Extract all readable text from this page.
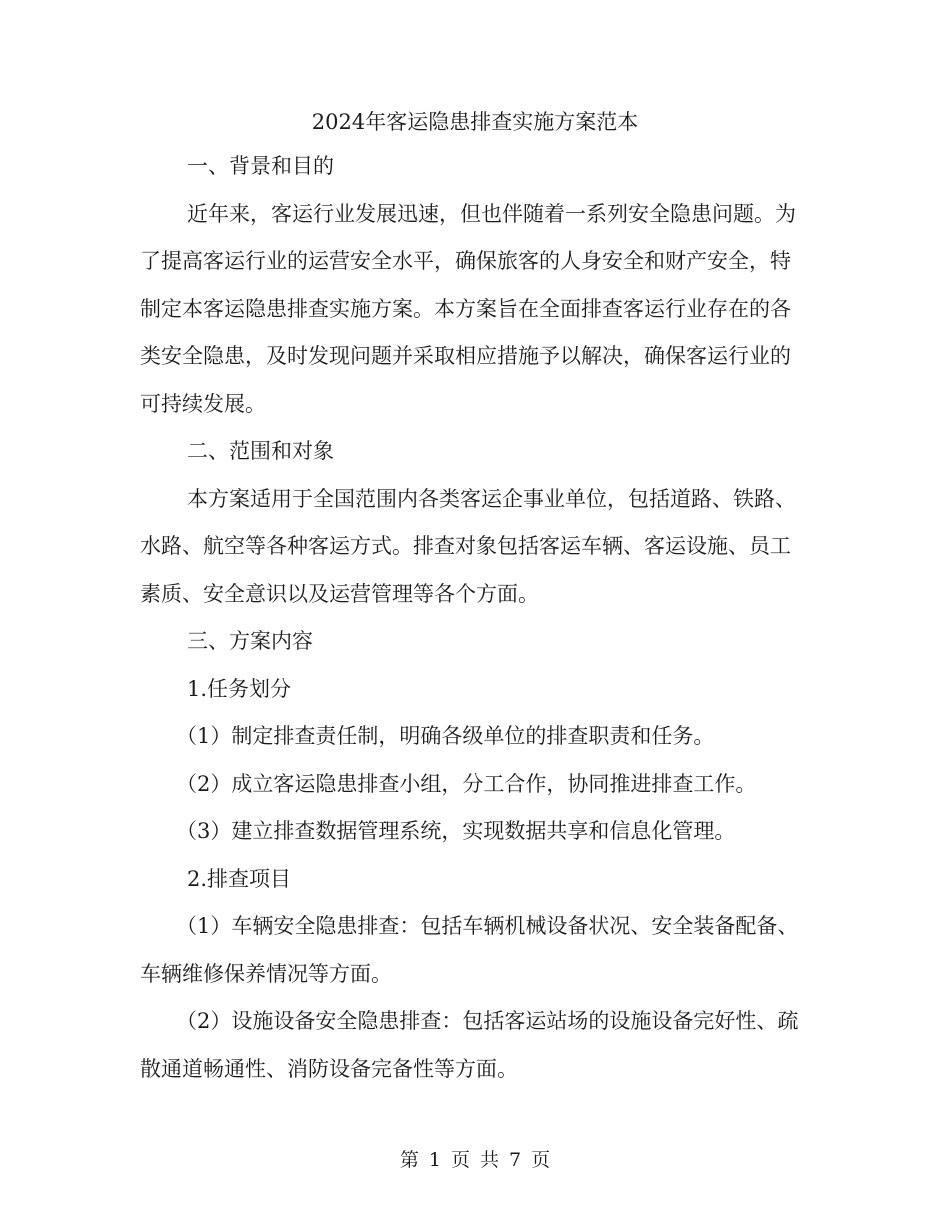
2024年客运隐患排查实施方案范本

一、背景和目的

近年来，客运行业发展迅速，但也伴随着一系列安全隐患问题。为了提高客运行业的运营安全水平，确保旅客的人身安全和财产安全，特制定本客运隐患排查实施方案。本方案旨在全面排查客运行业存在的各类安全隐患，及时发现问题并采取相应措施予以解决，确保客运行业的可持续发展。

二、范围和对象

本方案适用于全国范围内各类客运企事业单位，包括道路、铁路、水路、航空等各种客运方式。排查对象包括客运车辆、客运设施、员工素质、安全意识以及运营管理等各个方面。

三、方案内容

1.任务划分

（1）制定排查责任制，明确各级单位的排查职责和任务。

（2）成立客运隐患排查小组，分工合作，协同推进排查工作。

（3）建立排查数据管理系统，实现数据共享和信息化管理。

2.排查项目

（1）车辆安全隐患排查：包括车辆机械设备状况、安全装备配备、车辆维修保养情况等方面。

（2）设施设备安全隐患排查：包括客运站场的设施设备完好性、疏散通道畅通性、消防设备完备性等方面。

第 1 页 共 7 页
